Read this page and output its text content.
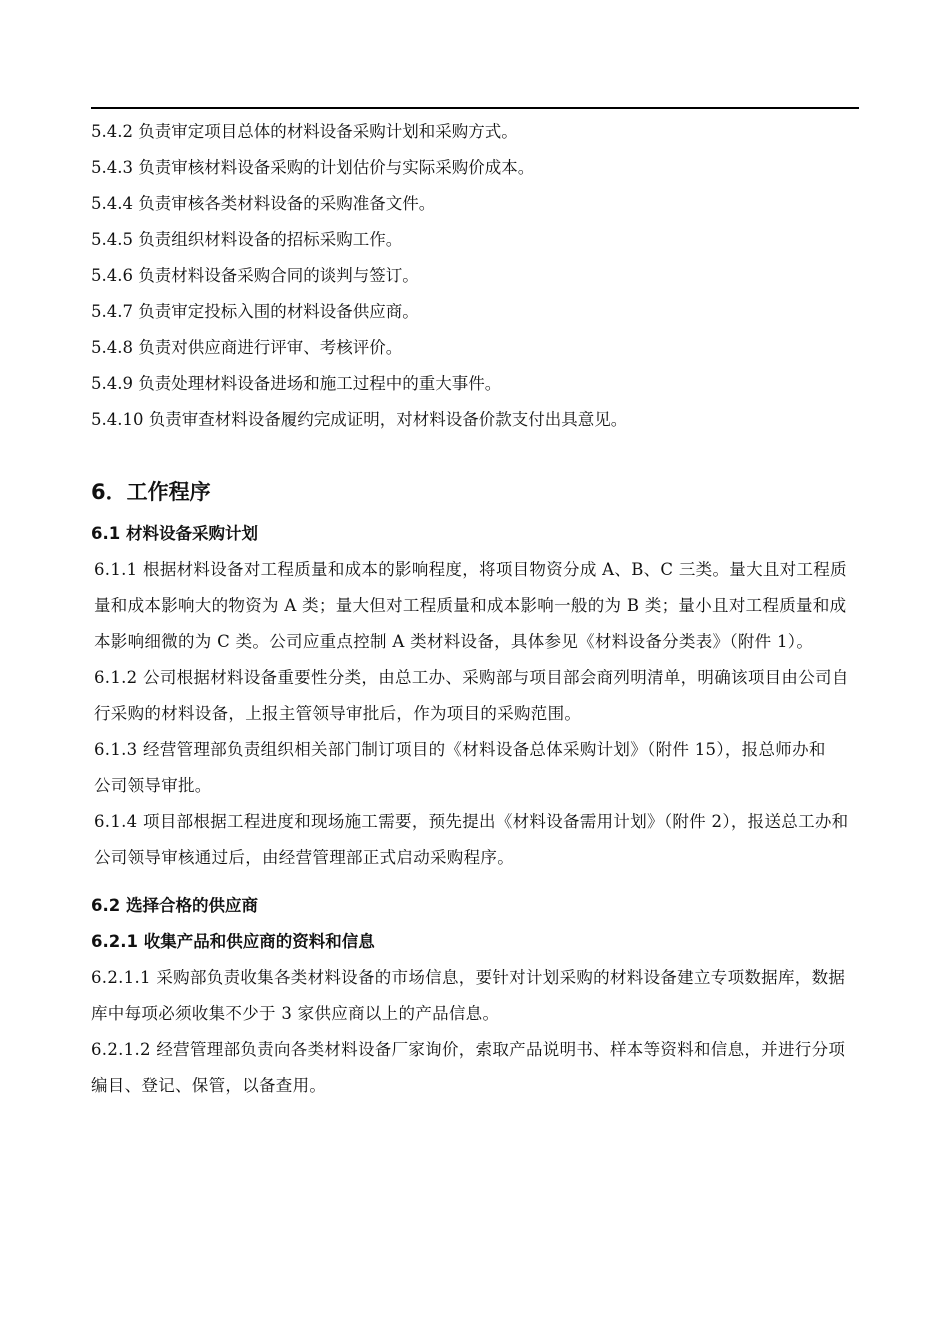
5.4.2 负责审定项目总体的材料设备采购计划和采购方式。
5.4.3 负责审核材料设备采购的计划估价与实际采购价成本。
5.4.4 负责审核各类材料设备的采购准备文件。
5.4.5 负责组织材料设备的招标采购工作。
5.4.6 负责材料设备采购合同的谈判与签订。
5.4.7 负责审定投标入围的材料设备供应商。
5.4.8 负责对供应商进行评审、考核评价。
5.4.9 负责处理材料设备进场和施工过程中的重大事件。
5.4.10 负责审查材料设备履约完成证明，对材料设备价款支付出具意见。
6．工作程序
6.1 材料设备采购计划
6.1.1 根据材料设备对工程质量和成本的影响程度，将项目物资分成 A、B、C 三类。量大且对工程质量和成本影响大的物资为 A 类；量大但对工程质量和成本影响一般的为 B 类；量小且对工程质量和成本影响细微的为 C 类。公司应重点控制 A 类材料设备，具体参见《材料设备分类表》（附件 1）。
6.1.2 公司根据材料设备重要性分类，由总工办、采购部与项目部会商列明清单，明确该项目由公司自行采购的材料设备，上报主管领导审批后，作为项目的采购范围。
6.1.3 经营管理部负责组织相关部门制订项目的《材料设备总体采购计划》（附件 15），报总师办和
公司领导审批。
6.1.4 项目部根据工程进度和现场施工需要，预先提出《材料设备需用计划》（附件 2），报送总工办和公司领导审核通过后，由经营管理部正式启动采购程序。
6.2 选择合格的供应商
6.2.1 收集产品和供应商的资料和信息
6.2.1.1 采购部负责收集各类材料设备的市场信息，要针对计划采购的材料设备建立专项数据库，数据库中每项必须收集不少于 3 家供应商以上的产品信息。
6.2.1.2 经营管理部负责向各类材料设备厂家询价，索取产品说明书、样本等资料和信息，并进行分项编目、登记、保管，以备查用。
